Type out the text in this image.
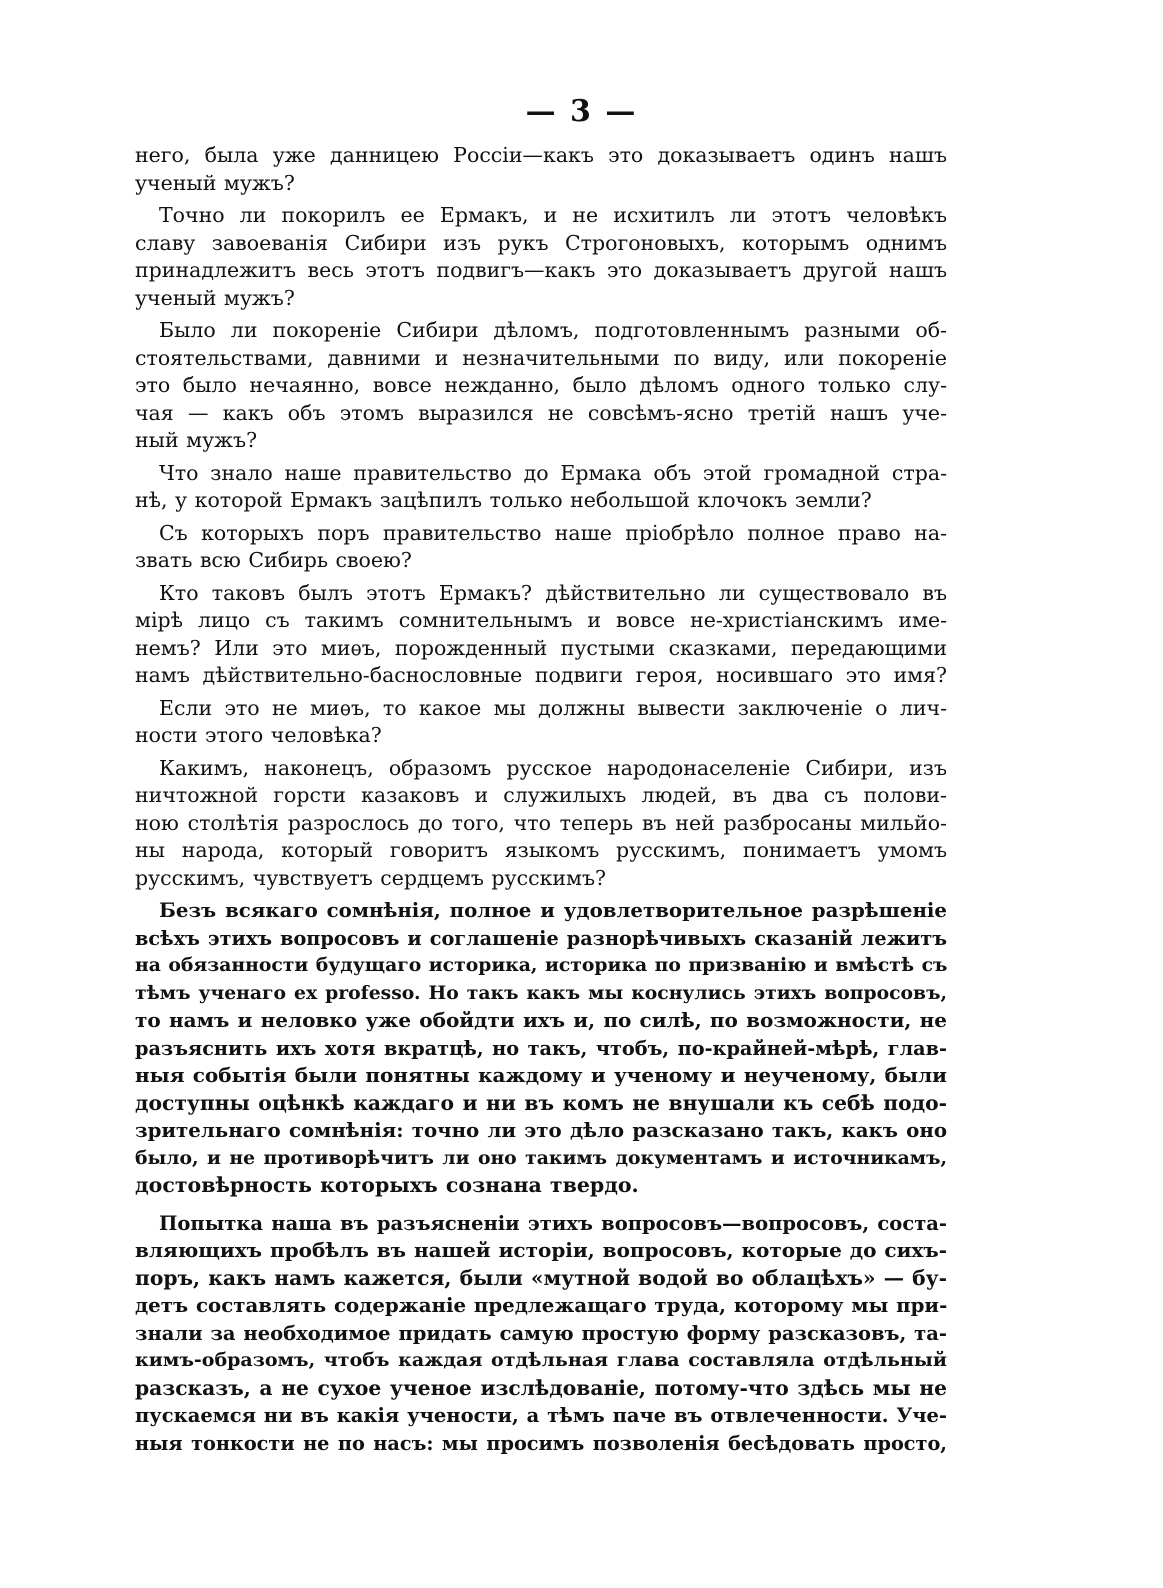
— 3 —
него, была уже данницею Россіи—какъ это доказываетъ одинъ нашъ
ученый мужъ?
Точно ли покорилъ ее Ермакъ, и не исхитилъ ли этотъ человѣкъ
славу завоеванія Сибири изъ рукъ Строгоновыхъ, которымъ однимъ
принадлежитъ весь этотъ подвигъ—какъ это доказываетъ другой нашъ
ученый мужъ?
Было ли покореніе Сибири дѣломъ, подготовленнымъ разными об-
стоятельствами, давними и незначительными по виду, или покореніе
это было нечаянно, вовсе нежданно, было дѣломъ одного только слу-
чая — какъ объ этомъ выразился не совсѣмъ-ясно третій нашъ уче-
ный мужъ?
Что знало наше правительство до Ермака объ этой громадной стра-
нѣ, у которой Ермакъ зацѣпилъ только небольшой клочокъ земли?
Съ которыхъ поръ правительство наше пріобрѣло полное право на-
звать всю Сибирь своею?
Кто таковъ былъ этотъ Ермакъ? дѣйствительно ли существовало въ
мірѣ лицо съ такимъ сомнительнымъ и вовсе не-христіанскимъ име-
немъ? Или это миѳъ, порожденный пустыми сказками, передающими
намъ дѣйствительно-баснословные подвиги героя, носившаго это имя?
Если это не миѳъ, то какое мы должны вывести заключеніе о лич-
ности этого человѣка?
Какимъ, наконецъ, образомъ русское народонаселеніе Сибири, изъ
ничтожной горсти казаковъ и служилыхъ людей, въ два съ полови-
ною столѣтія разрослось до того, что теперь въ ней разбросаны мильйо-
ны народа, который говоритъ языкомъ русскимъ, понимаетъ умомъ
русскимъ, чувствуетъ сердцемъ русскимъ?
Безъ всякаго сомнѣнія, полное и удовлетворительное разрѣшеніе
всѣхъ этихъ вопросовъ и соглашеніе разнорѣчивыхъ сказаній лежитъ
на обязанности будущаго историка, историка по призванію и вмѣстѣ съ
тѣмъ ученаго ex professo. Но такъ какъ мы коснулись этихъ вопросовъ,
то намъ и неловко уже обойдти ихъ и, по силѣ, по возможности, не
разъяснить ихъ хотя вкратцѣ, но такъ, чтобъ, по-крайней-мѣрѣ, глав-
ныя событія были понятны каждому и ученому и неученому, были
доступны оцѣнкѣ каждаго и ни въ комъ не внушали къ себѣ подо-
зрительнаго сомнѣнія: точно ли это дѣло разсказано такъ, какъ оно
было, и не противорѣчитъ ли оно такимъ документамъ и источникамъ,
достовѣрность которыхъ сознана твердо.
Попытка наша въ разъясненіи этихъ вопросовъ—вопросовъ, соста-
вляющихъ пробѣлъ въ нашей исторіи, вопросовъ, которые до сихъ-
поръ, какъ намъ кажется, были «мутной водой во облацѣхъ» — бу-
детъ составлять содержаніе предлежащаго труда, которому мы при-
знали за необходимое придать самую простую форму разсказовъ, та-
кимъ-образомъ, чтобъ каждая отдѣльная глава составляла отдѣльный
разсказъ, а не сухое ученое изслѣдованіе, потому-что здѣсь мы не
пускаемся ни въ какія учености, а тѣмъ паче въ отвлеченности. Уче-
ныя тонкости не по насъ: мы просимъ позволенія бесѣдовать просто,
